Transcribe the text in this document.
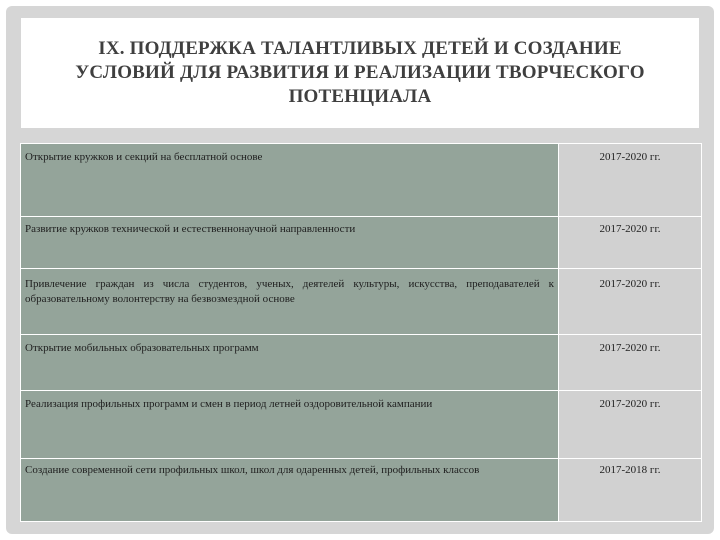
IX. ПОДДЕРЖКА ТАЛАНТЛИВЫХ ДЕТЕЙ И СОЗДАНИЕ
УСЛОВИЙ ДЛЯ РАЗВИТИЯ И РЕАЛИЗАЦИИ ТВОРЧЕСКОГО
ПОТЕНЦИАЛА
Открытие кружков и секций на бесплатной основе	2017-2020 гг.
Развитие кружков технической и естественнонаучной направленности	2017-2020 гг.
Привлечение граждан из числа студентов, ученых, деятелей культуры, искусства, преподавателей к образовательному волонтерству на безвозмездной основе	2017-2020 гг.
Открытие мобильных образовательных программ	2017-2020 гг.
Реализация профильных программ и смен в период летней оздоровительной кампании	2017-2020 гг.
Создание современной сети профильных школ, школ для одаренных детей, профильных классов	2017-2018 гг.
